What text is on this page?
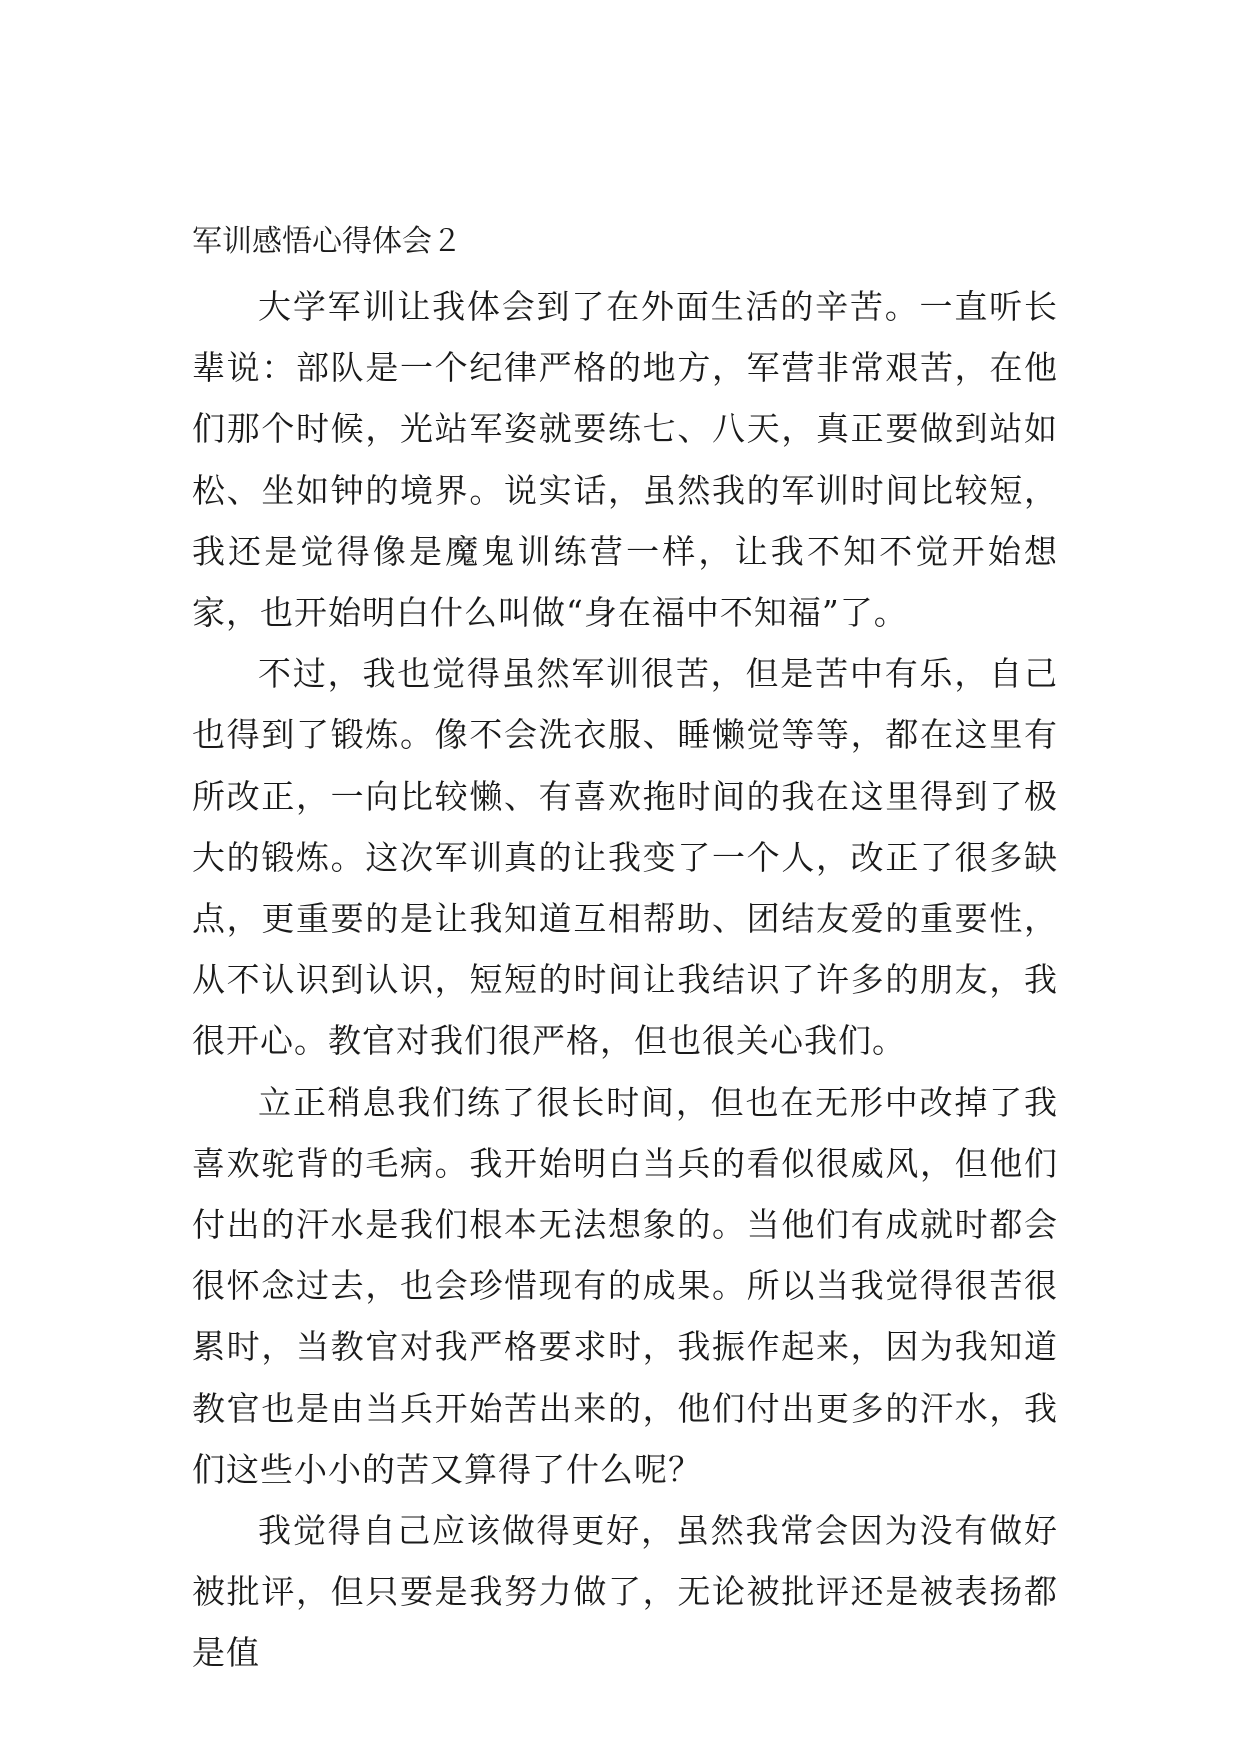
军训感悟心得体会２

大学军训让我体会到了在外面生活的辛苦。一直听长辈说：部队是一个纪律严格的地方，军营非常艰苦，在他们那个时候，光站军姿就要练七、八天，真正要做到站如松、坐如钟的境界。说实话，虽然我的军训时间比较短，我还是觉得像是魔鬼训练营一样，让我不知不觉开始想家，也开始明白什么叫做“身在福中不知福”了。

不过，我也觉得虽然军训很苦，但是苦中有乐，自己也得到了锻炼。像不会洗衣服、睡懒觉等等，都在这里有所改正，一向比较懒、有喜欢拖时间的我在这里得到了极大的锻炼。这次军训真的让我变了一个人，改正了很多缺点，更重要的是让我知道互相帮助、团结友爱的重要性，从不认识到认识，短短的时间让我结识了许多的朋友，我很开心。教官对我们很严格，但也很关心我们。

立正稍息我们练了很长时间，但也在无形中改掉了我喜欢驼背的毛病。我开始明白当兵的看似很威风，但他们付出的汗水是我们根本无法想象的。当他们有成就时都会很怀念过去，也会珍惜现有的成果。所以当我觉得很苦很累时，当教官对我严格要求时，我振作起来，因为我知道教官也是由当兵开始苦出来的，他们付出更多的汗水，我们这些小小的苦又算得了什么呢？

我觉得自己应该做得更好，虽然我常会因为没有做好被批评，但只要是我努力做了，无论被批评还是被表扬都是值
